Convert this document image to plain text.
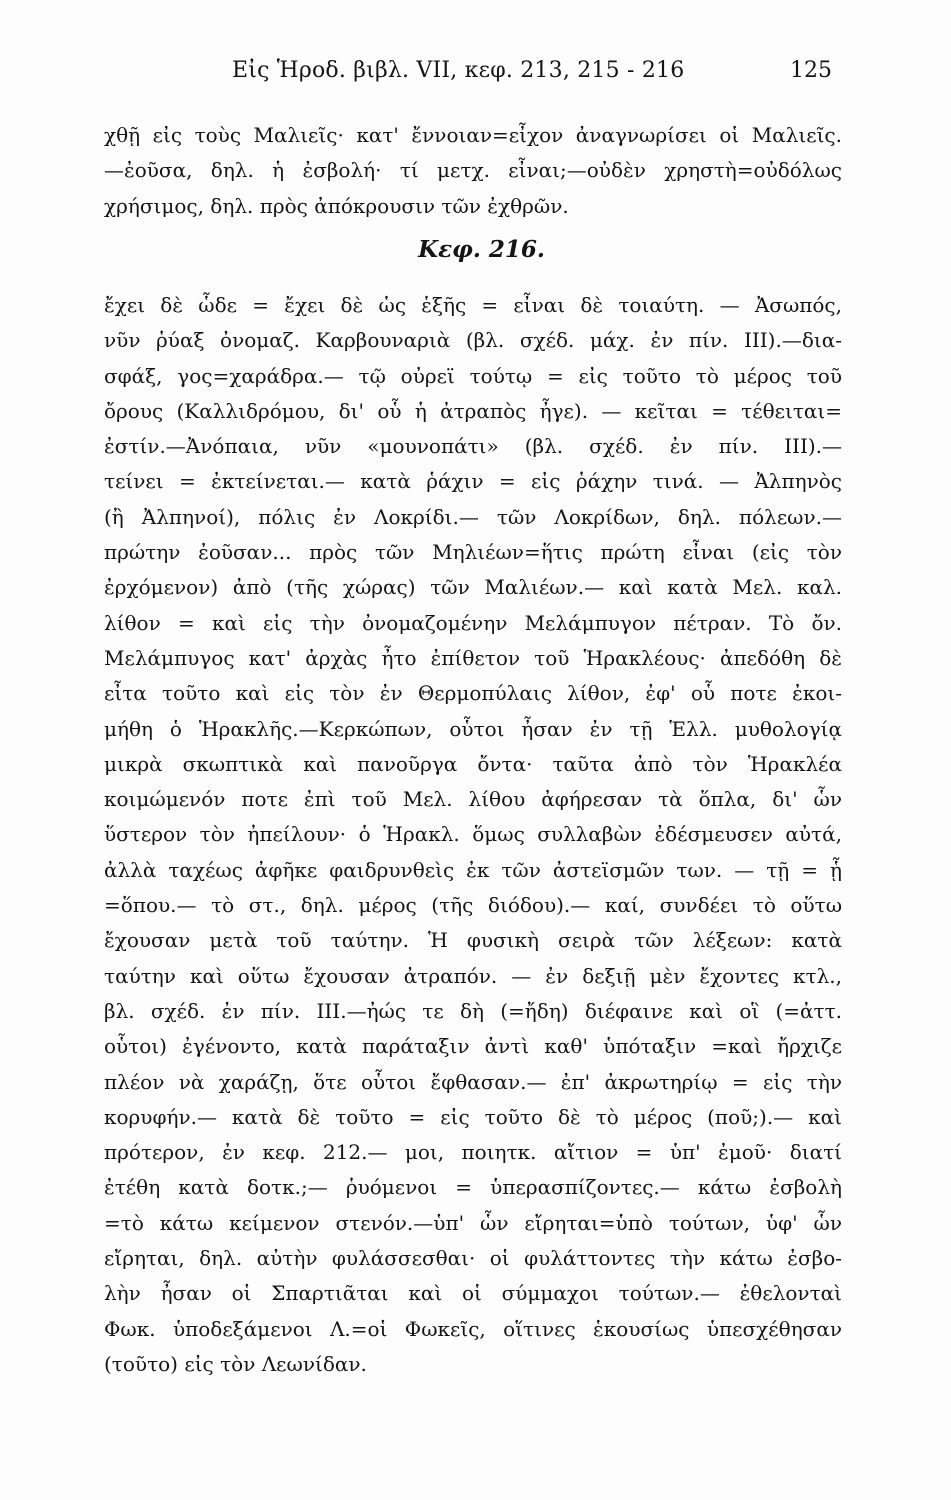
Εἰς Ἡροδ. βιβλ. VII, κεφ. 213, 215 - 216	125
χθῇ εἰς τοὺς Μαλιεῖς· κατ' ἔννοιαν=εἶχον ἀναγνωρίσει οἱ Μαλιεῖς.
—ἐοῦσα, δηλ. ἡ ἐσβολή· τί μετχ. εἶναι;—οὐδὲν χρηστὴ=οὐδόλως
χρήσιμος, δηλ. πρὸς ἀπόκρουσιν τῶν ἐχθρῶν.
Κεφ. 216.
ἔχει δὲ ὧδε = ἔχει δὲ ὡς ἑξῆς = εἶναι δὲ τοιαύτη. — Ἀσωπός,
νῦν ῥύαξ ὀνομαζ. Καρβουναριὰ (βλ. σχέδ. μάχ. ἐν πίν. III).—δια-
σφάξ, γος=χαράδρα.— τῷ οὐρεϊ τούτῳ = εἰς τοῦτο τὸ μέρος τοῦ
ὄρους (Καλλιδρόμου, δι' οὗ ἡ ἀτραπὸς ἦγε). — κεῖται = τέθειται=
ἐστίν.—Ἀνόπαια, νῦν «μουνοπάτι» (βλ. σχέδ. ἐν πίν. III).—
τείνει = ἐκτείνεται.— κατὰ ῥάχιν = εἰς ῥάχην τινά. — Ἀλπηνὸς
(ἢ Ἀλπηνοί), πόλις ἐν Λοκρίδι.— τῶν Λοκρίδων, δηλ. πόλεων.—
πρώτην ἐοῦσαν... πρὸς τῶν Μηλιέων=ἥτις πρώτη εἶναι (εἰς τὸν
ἐρχόμενον) ἀπὸ (τῆς χώρας) τῶν Μαλιέων.— καὶ κατὰ Μελ. καλ.
λίθον = καὶ εἰς τὴν ὀνομαζομένην Μελάμπυγον πέτραν. Τὸ ὄν.
Μελάμπυγος κατ' ἀρχὰς ἦτο ἐπίθετον τοῦ Ἡρακλέους· ἀπεδόθη δὲ
εἶτα τοῦτο καὶ εἰς τὸν ἐν Θερμοπύλαις λίθον, ἐφ' οὗ ποτε ἐκοι-
μήθη ὁ Ἡρακλῆς.—Κερκώπων, οὗτοι ἦσαν ἐν τῇ Ἑλλ. μυθολογίᾳ
μικρὰ σκωπτικὰ καὶ πανοῦργα ὄντα· ταῦτα ἀπὸ τὸν Ἡρακλέα
κοιμώμενόν ποτε ἐπὶ τοῦ Μελ. λίθου ἀφήρεσαν τὰ ὅπλα, δι' ὧν
ὕστερον τὸν ἠπείλουν· ὁ Ἡρακλ. ὅμως συλλαβὼν ἐδέσμευσεν αὐτά,
ἀλλὰ ταχέως ἀφῆκε φαιδρυνθεὶς ἐκ τῶν ἀστεϊσμῶν των. — τῇ = ᾗ
=ὅπου.— τὸ στ., δηλ. μέρος (τῆς διόδου).— καί, συνδέει τὸ οὕτω
ἔχουσαν μετὰ τοῦ ταύτην. Ἡ φυσικὴ σειρὰ τῶν λέξεων: κατὰ
ταύτην καὶ οὕτω ἔχουσαν ἀτραπόν. — ἐν δεξιῇ μὲν ἔχοντες κτλ.,
βλ. σχέδ. ἐν πίν. III.—ἠώς τε δὴ (=ἤδη) διέφαινε καὶ οἳ (=ἀττ.
οὗτοι) ἐγένοντο, κατὰ παράταξιν ἀντὶ καθ' ὑπόταξιν =καὶ ἤρχιζε
πλέον νὰ χαράζῃ, ὅτε οὗτοι ἔφθασαν.— ἐπ' ἀκρωτηρίῳ = εἰς τὴν
κορυφήν.— κατὰ δὲ τοῦτο = εἰς τοῦτο δὲ τὸ μέρος (ποῦ;).— καὶ
πρότερον, ἐν κεφ. 212.— μοι, ποιητκ. αἴτιον = ὑπ' ἐμοῦ· διατί
ἐτέθη κατὰ δοτκ.;— ῥυόμενοι = ὑπερασπίζοντες.— κάτω ἐσβολὴ
=τὸ κάτω κείμενον στενόν.—ὑπ' ὧν εἴρηται=ὑπὸ τούτων, ὑφ' ὧν
εἴρηται, δηλ. αὐτὴν φυλάσσεσθαι· οἱ φυλάττοντες τὴν κάτω ἐσβο-
λὴν ἦσαν οἱ Σπαρτιᾶται καὶ οἱ σύμμαχοι τούτων.— ἐθελονταὶ
Φωκ. ὑποδεξάμενοι Λ.=οἱ Φωκεῖς, οἵτινες ἑκουσίως ὑπεσχέθησαν
(τοῦτο) εἰς τὸν Λεωνίδαν.
